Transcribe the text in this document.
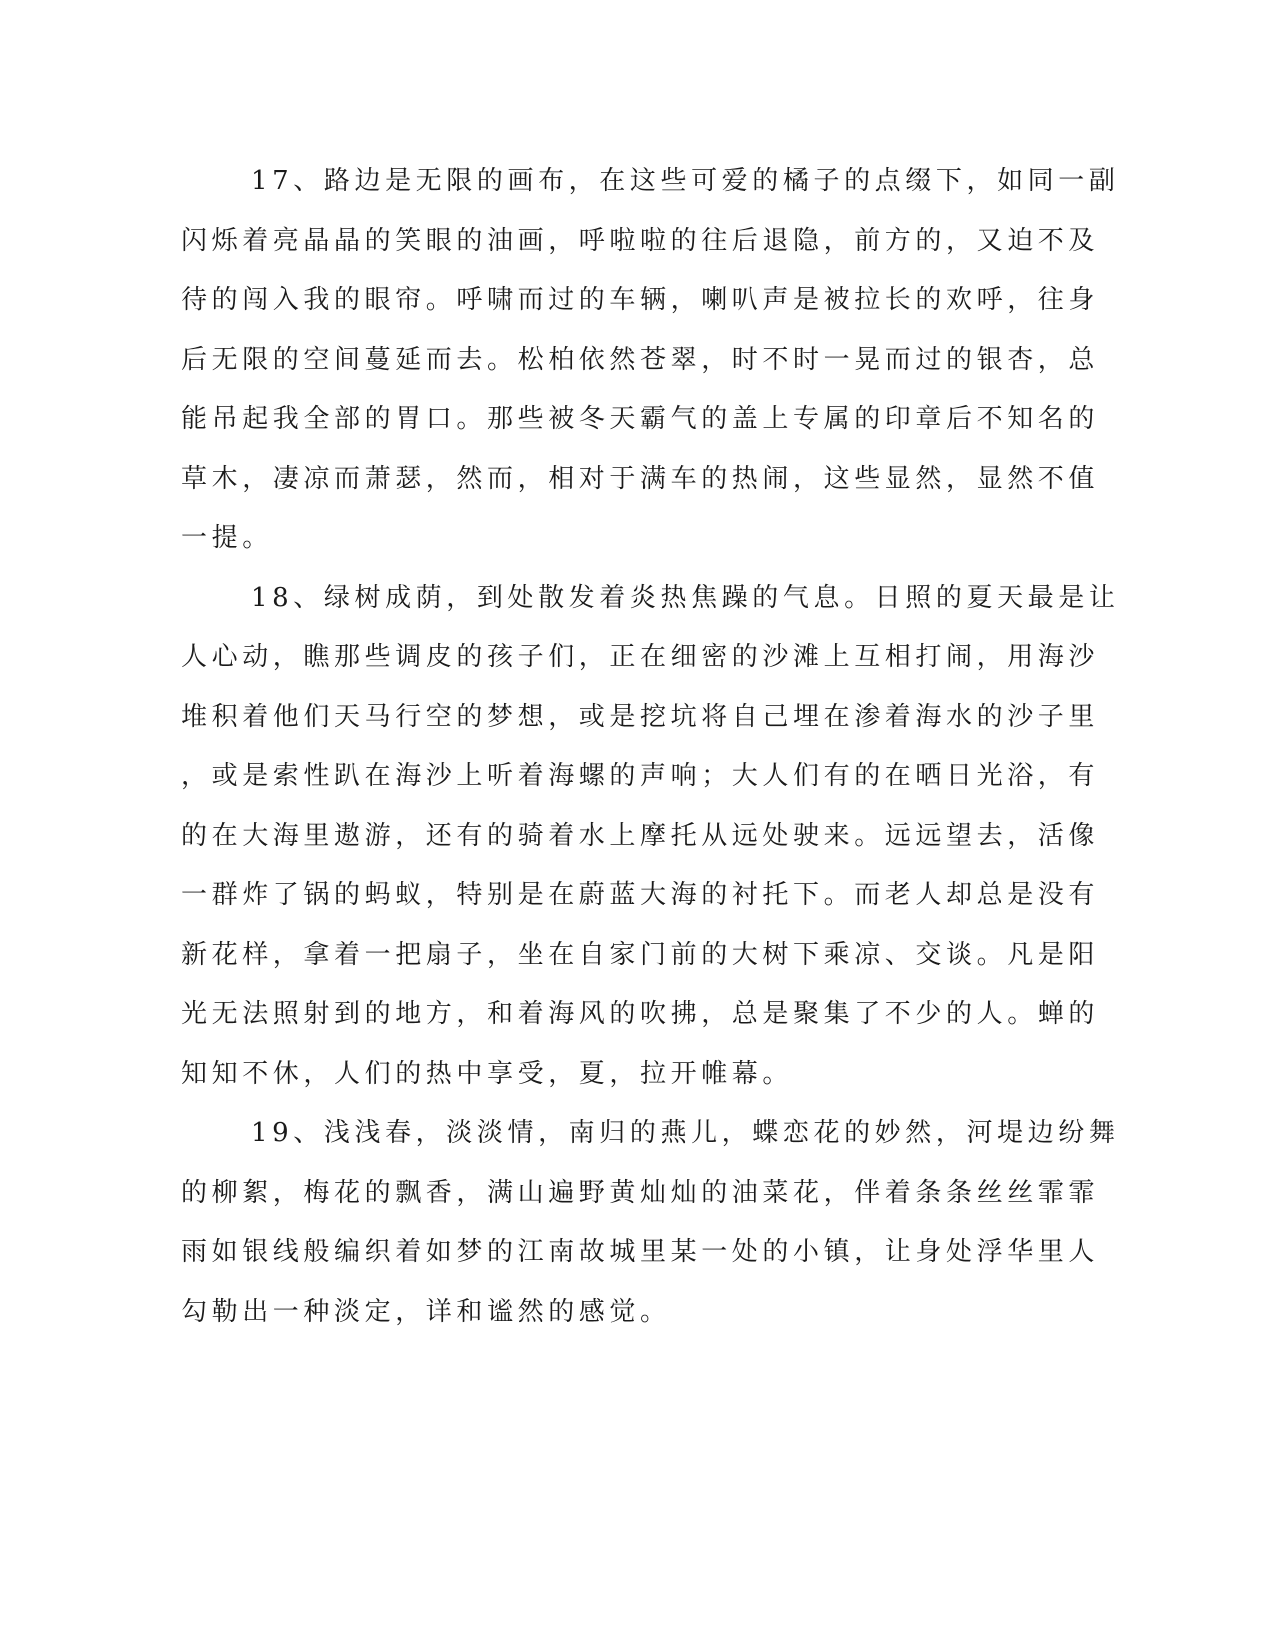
17、路边是无限的画布，在这些可爱的橘子的点缀下，如同一副
闪烁着亮晶晶的笑眼的油画，呼啦啦的往后退隐，前方的，又迫不及
待的闯入我的眼帘。呼啸而过的车辆，喇叭声是被拉长的欢呼，往身
后无限的空间蔓延而去。松柏依然苍翠，时不时一晃而过的银杏，总
能吊起我全部的胃口。那些被冬天霸气的盖上专属的印章后不知名的
草木，凄凉而萧瑟，然而，相对于满车的热闹，这些显然，显然不值
一提。

18、绿树成荫，到处散发着炎热焦躁的气息。日照的夏天最是让
人心动，瞧那些调皮的孩子们，正在细密的沙滩上互相打闹，用海沙
堆积着他们天马行空的梦想，或是挖坑将自己埋在渗着海水的沙子里
，或是索性趴在海沙上听着海螺的声响；大人们有的在晒日光浴，有
的在大海里遨游，还有的骑着水上摩托从远处驶来。远远望去，活像
一群炸了锅的蚂蚁，特别是在蔚蓝大海的衬托下。而老人却总是没有
新花样，拿着一把扇子，坐在自家门前的大树下乘凉、交谈。凡是阳
光无法照射到的地方，和着海风的吹拂，总是聚集了不少的人。蝉的
知知不休，人们的热中享受，夏，拉开帷幕。

19、浅浅春，淡淡情，南归的燕儿，蝶恋花的妙然，河堤边纷舞
的柳絮，梅花的飘香，满山遍野黄灿灿的油菜花，伴着条条丝丝霏霏
雨如银线般编织着如梦的江南故城里某一处的小镇，让身处浮华里人
勾勒出一种淡定，详和谧然的感觉。
